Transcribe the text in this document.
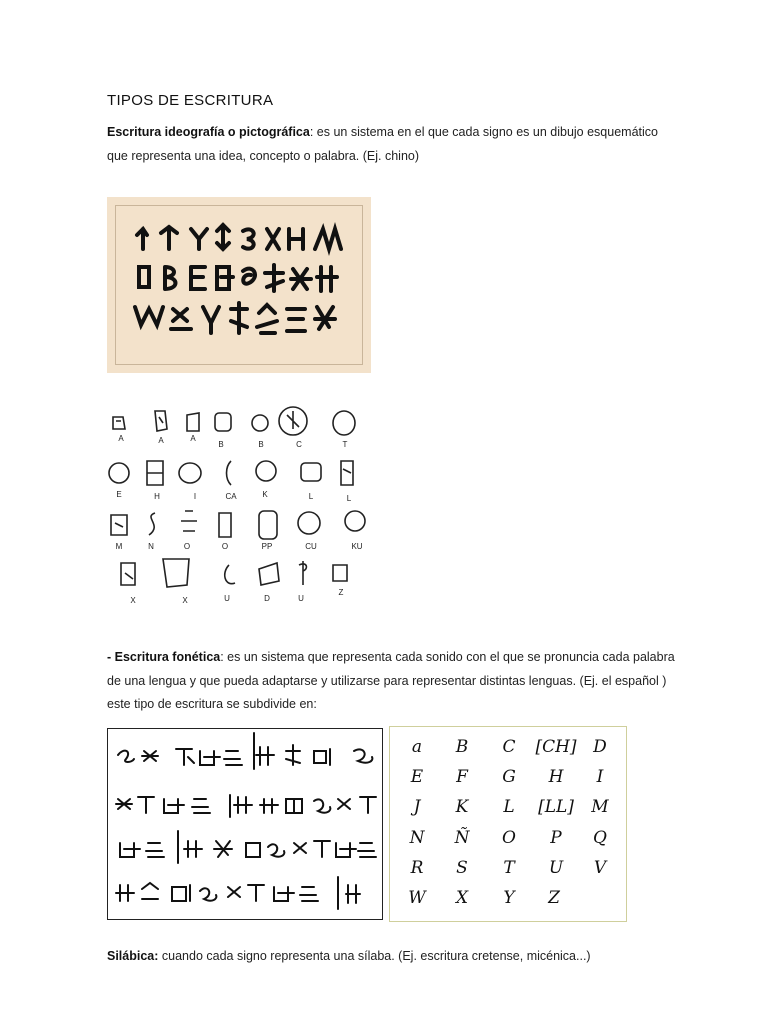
TIPOS DE ESCRITURA
Escritura ideografía o pictográfica: es un sistema en el que cada signo es un dibujo esquemático que representa una idea, concepto o palabra. (Ej. chino)
A	A	A
B	B	C	T
E	H	I	CA	K	L	L
M	N	O	O	PP	CU	KU
X	X	U	D	U
Z
- Escritura fonética: es un sistema que representa cada sonido con el que se pronuncia cada palabra de una lengua y que pueda adaptarse y utilizarse para representar distintas lenguas. (Ej. el español ) este tipo de escritura se subdivide en:
a	B	C	[CH] D
E	F	G	H	I
J	K	L	[LL]	M
N	Ñ	O	P	Q
R	S	T	U	V
W	X	Y	Z
Silábica: cuando cada signo representa una sílaba. (Ej. escritura cretense, micénica...)
